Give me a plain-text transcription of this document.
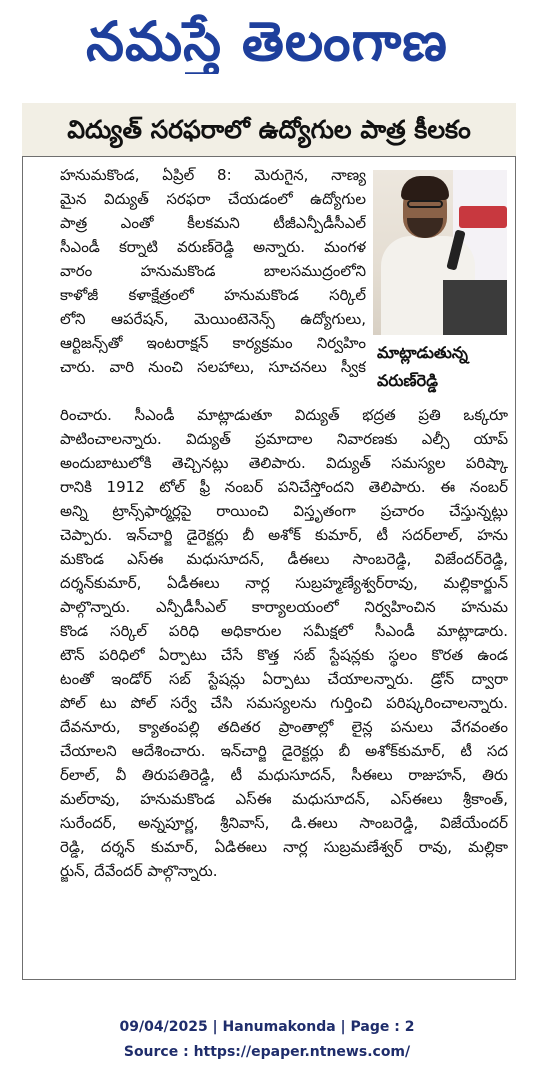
నమస్తే తెలంగాణ
విద్యుత్ సరఫరాలో ఉద్యోగుల పాత్ర కీలకం
మాట్లాడుతున్న
వరుణ్‌రెడ్డి
హనుమకొండ, ఏప్రిల్ 8: మెరుగైన, నాణ్య
మైన విద్యుత్ సరఫరా చేయడంలో ఉద్యోగుల
పాత్ర ఎంతో కీలకమని టీజీఎన్పీడీసీఎల్
సీఎండీ కర్నాటి వరుణ్‌రెడ్డి అన్నారు. మంగళ
వారం హనుమకొండ బాలసముద్రంలోని
కాళోజీ కళాక్షేత్రంలో హనుమకొండ సర్కిల్
లోని ఆపరేషన్, మెయింటెనెన్స్ ఉద్యోగులు,
ఆర్టిజన్స్‌తో ఇంటరాక్షన్ కార్యక్రమం నిర్వహిం
చారు. వారి నుంచి సలహాలు, సూచనలు స్వీక
రించారు. సీఎండీ మాట్లాడుతూ విద్యుత్ భద్రత ప్రతి ఒక్కరూ
పాటించాలన్నారు. విద్యుత్ ప్రమాదాల నివారణకు ఎల్సీ యాప్
అందుబాటులోకి తెచ్చినట్లు తెలిపారు. విద్యుత్ సమస్యల పరిష్కా
రానికి 1912 టోల్ ఫ్రీ నంబర్ పనిచేస్తోందని తెలిపారు. ఈ నంబర్
అన్ని ట్రాన్స్‌ఫార్మర్లపై రాయించి విస్తృతంగా ప్రచారం చేస్తున్నట్లు
చెప్పారు. ఇన్‌చార్జి డైరెక్టర్లు బీ అశోక్ కుమార్, టీ సదర్‌లాల్, హను
మకొండ ఎస్ఈ మధుసూదన్, డీఈలు సాంబరెడ్డి, విజేందర్‌రెడ్డి,
దర్శన్‌కుమార్, ఏడీఈలు నార్ల సుబ్రహ్మణ్యేశ్వర్‌రావు, మల్లికార్జున్
పాల్గొన్నారు. ఎన్పీడీసీఎల్ కార్యాలయంలో నిర్వహించిన హనుమ
కొండ సర్కిల్ పరిధి అధికారుల సమీక్షలో సీఎండీ మాట్లాడారు.
టౌన్ పరిధిలో ఏర్పాటు చేసే కొత్త సబ్ స్టేషన్లకు స్థలం కొరత ఉండ
టంతో ఇండోర్ సబ్ స్టేషన్లు ఏర్పాటు చేయాలన్నారు. డ్రోన్ ద్వారా
పోల్ టు పోల్ సర్వే చేసి సమస్యలను గుర్తించి పరిష్కరించాలన్నారు.
దేవనూరు, క్యాతంపల్లి తదితర ప్రాంతాల్లో లైన్ల పనులు వేగవంతం
చేయాలని ఆదేశించారు. ఇన్‌చార్జి డైరెక్టర్లు బీ అశోక్‌కుమార్, టీ సద
ర్‌లాల్, వీ తిరుపతిరెడ్డి, టీ మధుసూదన్, సీఈలు రాజుహన్, తిరు
మల్‌రావు, హనుమకొండ ఎస్ఈ మధుసూదన్, ఎస్ఈలు శ్రీకాంత్,
సురేందర్, అన్నపూర్ణ, శ్రీనివాస్, డి.ఈలు సాంబరెడ్డి, విజేయేందర్
రెడ్డి, దర్శన్ కుమార్, ఏడిఈలు నార్ల సుబ్రమణేశ్వర్ రావు, మల్లికా
ర్జున్, దేవేందర్ పాల్గొన్నారు.
09/04/2025 | Hanumakonda | Page : 2
Source : https://epaper.ntnews.com/
